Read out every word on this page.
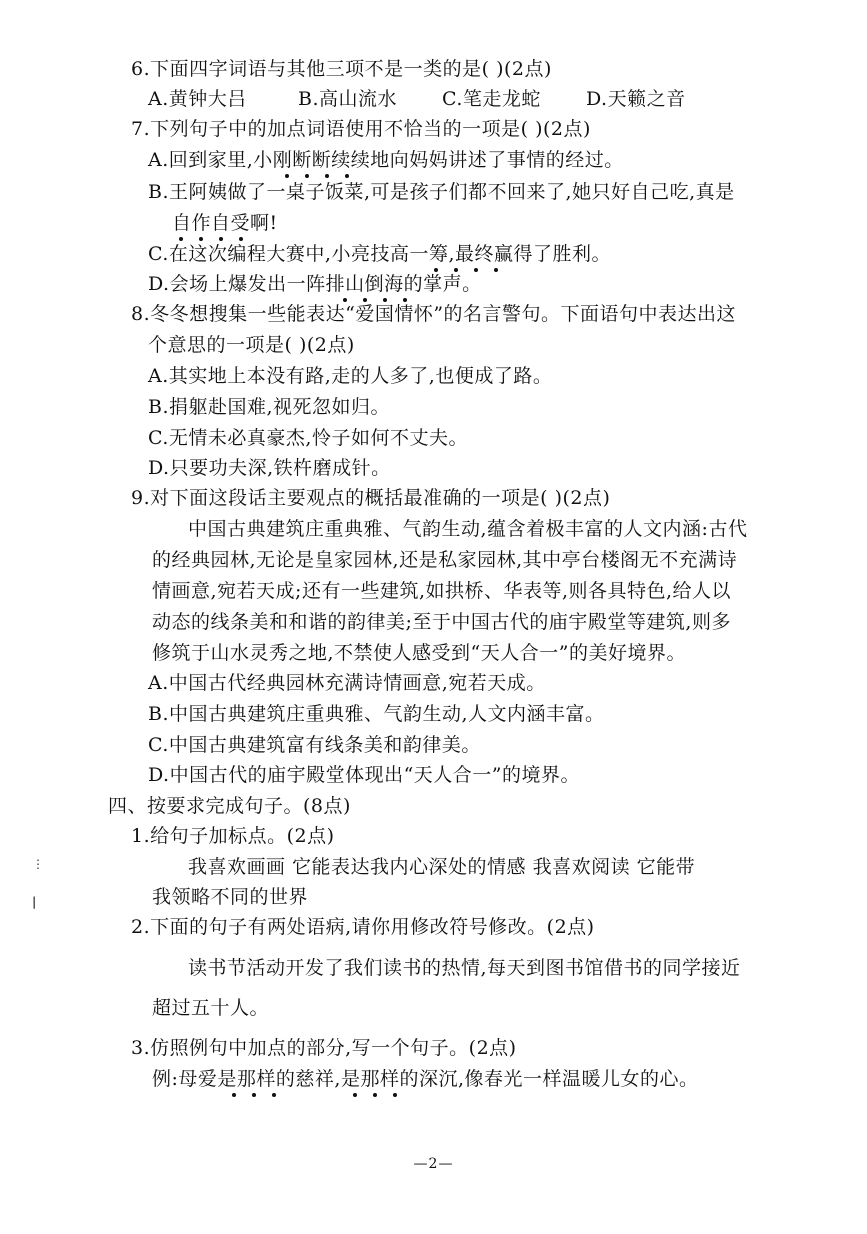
6.下面四字词语与其他三项不是一类的是( )(2点)
A.黄钟大吕	B.高山流水 C.笔走龙蛇 D.天籁之音
7.下列句子中的加点词语使用不恰当的一项是( )(2点)
A.回到家里,小刚断断续续地向妈妈讲述了事情的经过。
B.王阿姨做了一桌子饭菜,可是孩子们都不回来了,她只好自己吃,真是
自作自受啊!
C.在这次编程大赛中,小亮技高一筹,最终赢得了胜利。
D.会场上爆发出一阵排山倒海的掌声。
8.冬冬想搜集一些能表达“爱国情怀”的名言警句。下面语句中表达出这
个意思的一项是( )(2点)
A.其实地上本没有路,走的人多了,也便成了路。
B.捐躯赴国难,视死忽如归。
C.无情未必真豪杰,怜子如何不丈夫。
D.只要功夫深,铁杵磨成针。
9.对下面这段话主要观点的概括最准确的一项是( )(2点)
中国古典建筑庄重典雅、气韵生动,蕴含着极丰富的人文内涵:古代
的经典园林,无论是皇家园林,还是私家园林,其中亭台楼阁无不充满诗
情画意,宛若天成;还有一些建筑,如拱桥、华表等,则各具特色,给人以
动态的线条美和和谐的韵律美;至于中国古代的庙宇殿堂等建筑,则多
修筑于山水灵秀之地,不禁使人感受到“天人合一”的美好境界。
A.中国古代经典园林充满诗情画意,宛若天成。
B.中国古典建筑庄重典雅、气韵生动,人文内涵丰富。
C.中国古典建筑富有线条美和韵律美。
D.中国古代的庙宇殿堂体现出“天人合一”的境界。
四、按要求完成句子。(8点)
1.给句子加标点。(2点)
我喜欢画画 它能表达我内心深处的情感 我喜欢阅读 它能带
我领略不同的世界
2.下面的句子有两处语病,请你用修改符号修改。(2点)
读书节活动开发了我们读书的热情,每天到图书馆借书的同学接近
超过五十人。
3.仿照例句中加点的部分,写一个句子。(2点)
例:母爱是那样的慈祥,是那样的深沉,像春光一样温暖儿女的心。
⋮
|
—2—
